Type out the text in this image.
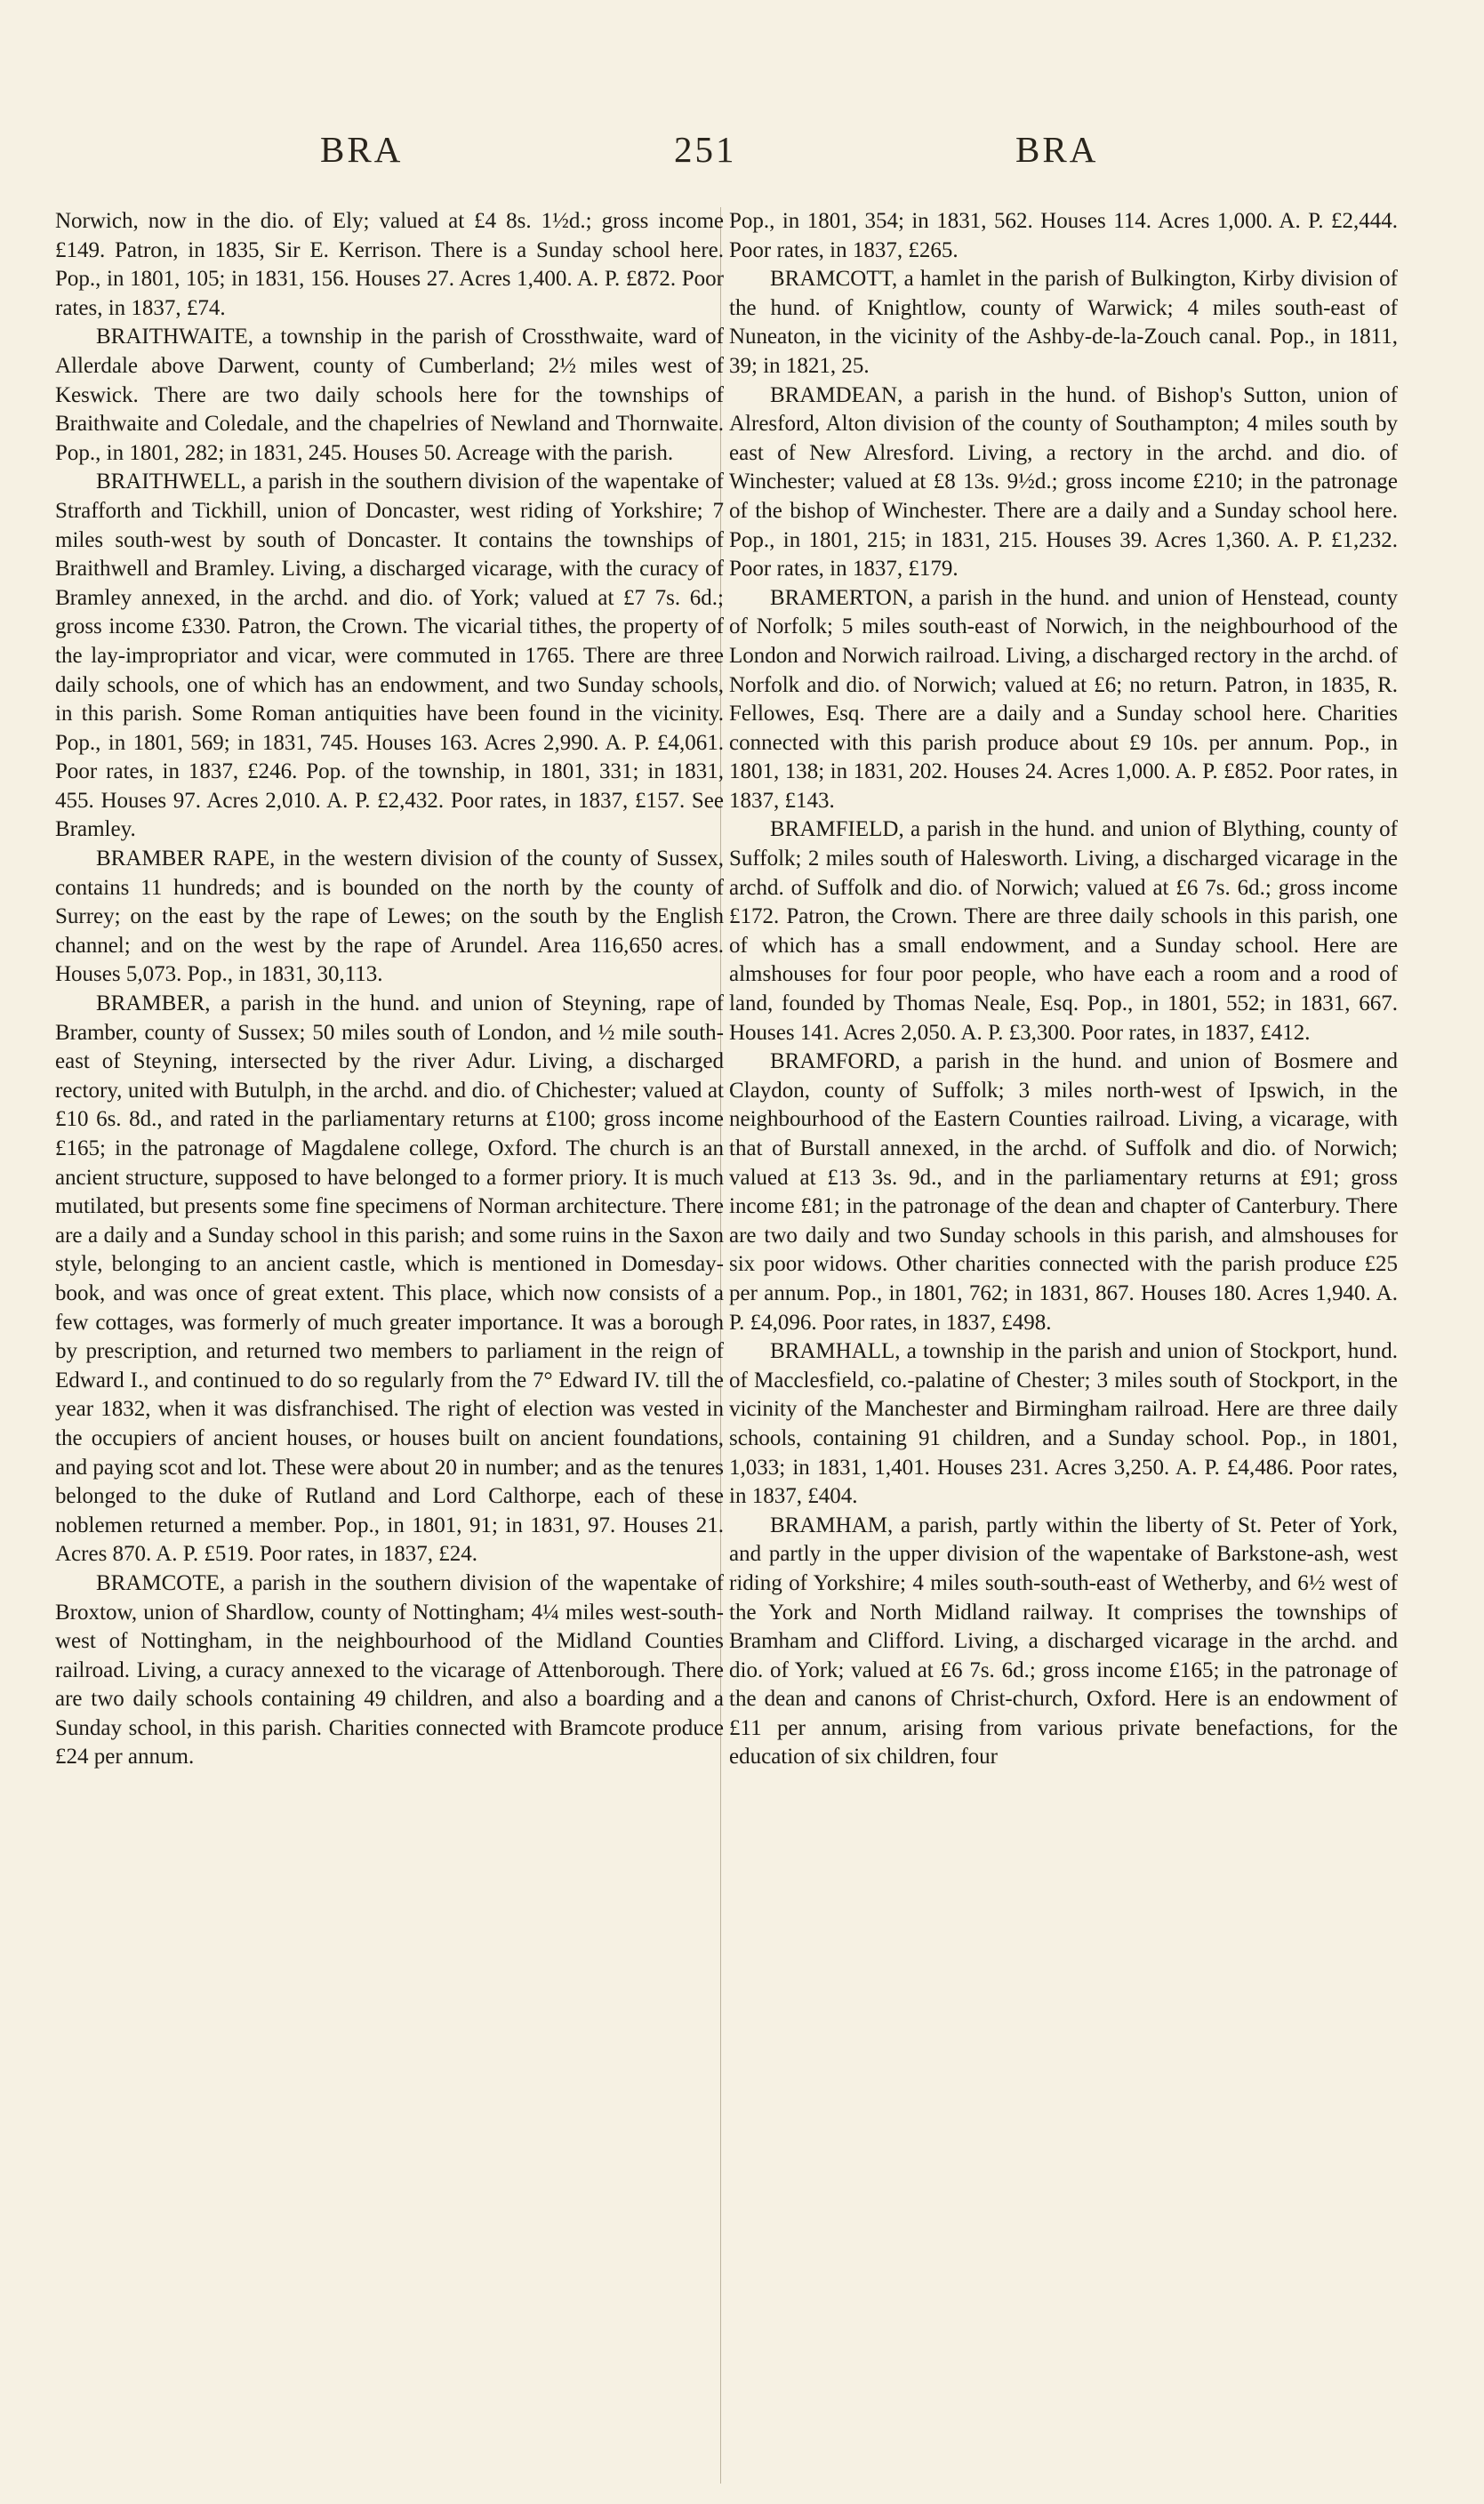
BRA	251	BRA

Norwich, now in the dio. of Ely; valued at £4 8s. 1½d.; gross income £149. Patron, in 1835, Sir E. Kerrison. There is a Sunday school here. Pop., in 1801, 105; in 1831, 156. Houses 27. Acres 1,400. A. P. £872. Poor rates, in 1837, £74.

BRAITHWAITE, a township in the parish of Crossthwaite, ward of Allerdale above Darwent, county of Cumberland; 2½ miles west of Keswick. There are two daily schools here for the townships of Braithwaite and Coledale, and the chapelries of Newland and Thornwaite. Pop., in 1801, 282; in 1831, 245. Houses 50. Acreage with the parish.

BRAITHWELL, a parish in the southern division of the wapentake of Strafforth and Tickhill, union of Doncaster, west riding of Yorkshire; 7 miles south-west by south of Doncaster. It contains the townships of Braithwell and Bramley. Living, a discharged vicarage, with the curacy of Bramley annexed, in the archd. and dio. of York; valued at £7 7s. 6d.; gross income £330. Patron, the Crown. The vicarial tithes, the property of the lay-impropriator and vicar, were commuted in 1765. There are three daily schools, one of which has an endowment, and two Sunday schools, in this parish. Some Roman antiquities have been found in the vicinity. Pop., in 1801, 569; in 1831, 745. Houses 163. Acres 2,990. A. P. £4,061. Poor rates, in 1837, £246. Pop. of the township, in 1801, 331; in 1831, 455. Houses 97. Acres 2,010. A. P. £2,432. Poor rates, in 1837, £157. See Bramley.

BRAMBER RAPE, in the western division of the county of Sussex, contains 11 hundreds; and is bounded on the north by the county of Surrey; on the east by the rape of Lewes; on the south by the English channel; and on the west by the rape of Arundel. Area 116,650 acres. Houses 5,073. Pop., in 1831, 30,113.

BRAMBER, a parish in the hund. and union of Steyning, rape of Bramber, county of Sussex; 50 miles south of London, and ½ mile south-east of Steyning, intersected by the river Adur. Living, a discharged rectory, united with Butulph, in the archd. and dio. of Chichester; valued at £10 6s. 8d., and rated in the parliamentary returns at £100; gross income £165; in the patronage of Magdalene college, Oxford. The church is an ancient structure, supposed to have belonged to a former priory. It is much mutilated, but presents some fine specimens of Norman architecture. There are a daily and a Sunday school in this parish; and some ruins in the Saxon style, belonging to an ancient castle, which is mentioned in Domesday-book, and was once of great extent. This place, which now consists of a few cottages, was formerly of much greater importance. It was a borough by prescription, and returned two members to parliament in the reign of Edward I., and continued to do so regularly from the 7° Edward IV. till the year 1832, when it was disfranchised. The right of election was vested in the occupiers of ancient houses, or houses built on ancient foundations, and paying scot and lot. These were about 20 in number; and as the tenures belonged to the duke of Rutland and Lord Calthorpe, each of these noblemen returned a member. Pop., in 1801, 91; in 1831, 97. Houses 21. Acres 870. A. P. £519. Poor rates, in 1837, £24.

BRAMCOTE, a parish in the southern division of the wapentake of Broxtow, union of Shardlow, county of Nottingham; 4¼ miles west-south-west of Nottingham, in the neighbourhood of the Midland Counties railroad. Living, a curacy annexed to the vicarage of Attenborough. There are two daily schools containing 49 children, and also a boarding and a Sunday school, in this parish. Charities connected with Bramcote produce £24 per annum.

Pop., in 1801, 354; in 1831, 562. Houses 114. Acres 1,000. A. P. £2,444. Poor rates, in 1837, £265.

BRAMCOTT, a hamlet in the parish of Bulkington, Kirby division of the hund. of Knightlow, county of Warwick; 4 miles south-east of Nuneaton, in the vicinity of the Ashby-de-la-Zouch canal. Pop., in 1811, 39; in 1821, 25.

BRAMDEAN, a parish in the hund. of Bishop's Sutton, union of Alresford, Alton division of the county of Southampton; 4 miles south by east of New Alresford. Living, a rectory in the archd. and dio. of Winchester; valued at £8 13s. 9½d.; gross income £210; in the patronage of the bishop of Winchester. There are a daily and a Sunday school here. Pop., in 1801, 215; in 1831, 215. Houses 39. Acres 1,360. A. P. £1,232. Poor rates, in 1837, £179.

BRAMERTON, a parish in the hund. and union of Henstead, county of Norfolk; 5 miles south-east of Norwich, in the neighbourhood of the London and Norwich railroad. Living, a discharged rectory in the archd. of Norfolk and dio. of Norwich; valued at £6; no return. Patron, in 1835, R. Fellowes, Esq. There are a daily and a Sunday school here. Charities connected with this parish produce about £9 10s. per annum. Pop., in 1801, 138; in 1831, 202. Houses 24. Acres 1,000. A. P. £852. Poor rates, in 1837, £143.

BRAMFIELD, a parish in the hund. and union of Blything, county of Suffolk; 2 miles south of Halesworth. Living, a discharged vicarage in the archd. of Suffolk and dio. of Norwich; valued at £6 7s. 6d.; gross income £172. Patron, the Crown. There are three daily schools in this parish, one of which has a small endowment, and a Sunday school. Here are almshouses for four poor people, who have each a room and a rood of land, founded by Thomas Neale, Esq. Pop., in 1801, 552; in 1831, 667. Houses 141. Acres 2,050. A. P. £3,300. Poor rates, in 1837, £412.

BRAMFORD, a parish in the hund. and union of Bosmere and Claydon, county of Suffolk; 3 miles north-west of Ipswich, in the neighbourhood of the Eastern Counties railroad. Living, a vicarage, with that of Burstall annexed, in the archd. of Suffolk and dio. of Norwich; valued at £13 3s. 9d., and in the parliamentary returns at £91; gross income £81; in the patronage of the dean and chapter of Canterbury. There are two daily and two Sunday schools in this parish, and almshouses for six poor widows. Other charities connected with the parish produce £25 per annum. Pop., in 1801, 762; in 1831, 867. Houses 180. Acres 1,940. A. P. £4,096. Poor rates, in 1837, £498.

BRAMHALL, a township in the parish and union of Stockport, hund. of Macclesfield, co.-palatine of Chester; 3 miles south of Stockport, in the vicinity of the Manchester and Birmingham railroad. Here are three daily schools, containing 91 children, and a Sunday school. Pop., in 1801, 1,033; in 1831, 1,401. Houses 231. Acres 3,250. A. P. £4,486. Poor rates, in 1837, £404.

BRAMHAM, a parish, partly within the liberty of St. Peter of York, and partly in the upper division of the wapentake of Barkstone-ash, west riding of Yorkshire; 4 miles south-south-east of Wetherby, and 6½ west of the York and North Midland railway. It comprises the townships of Bramham and Clifford. Living, a discharged vicarage in the archd. and dio. of York; valued at £6 7s. 6d.; gross income £165; in the patronage of the dean and canons of Christ-church, Oxford. Here is an endowment of £11 per annum, arising from various private benefactions, for the education of six children, four
